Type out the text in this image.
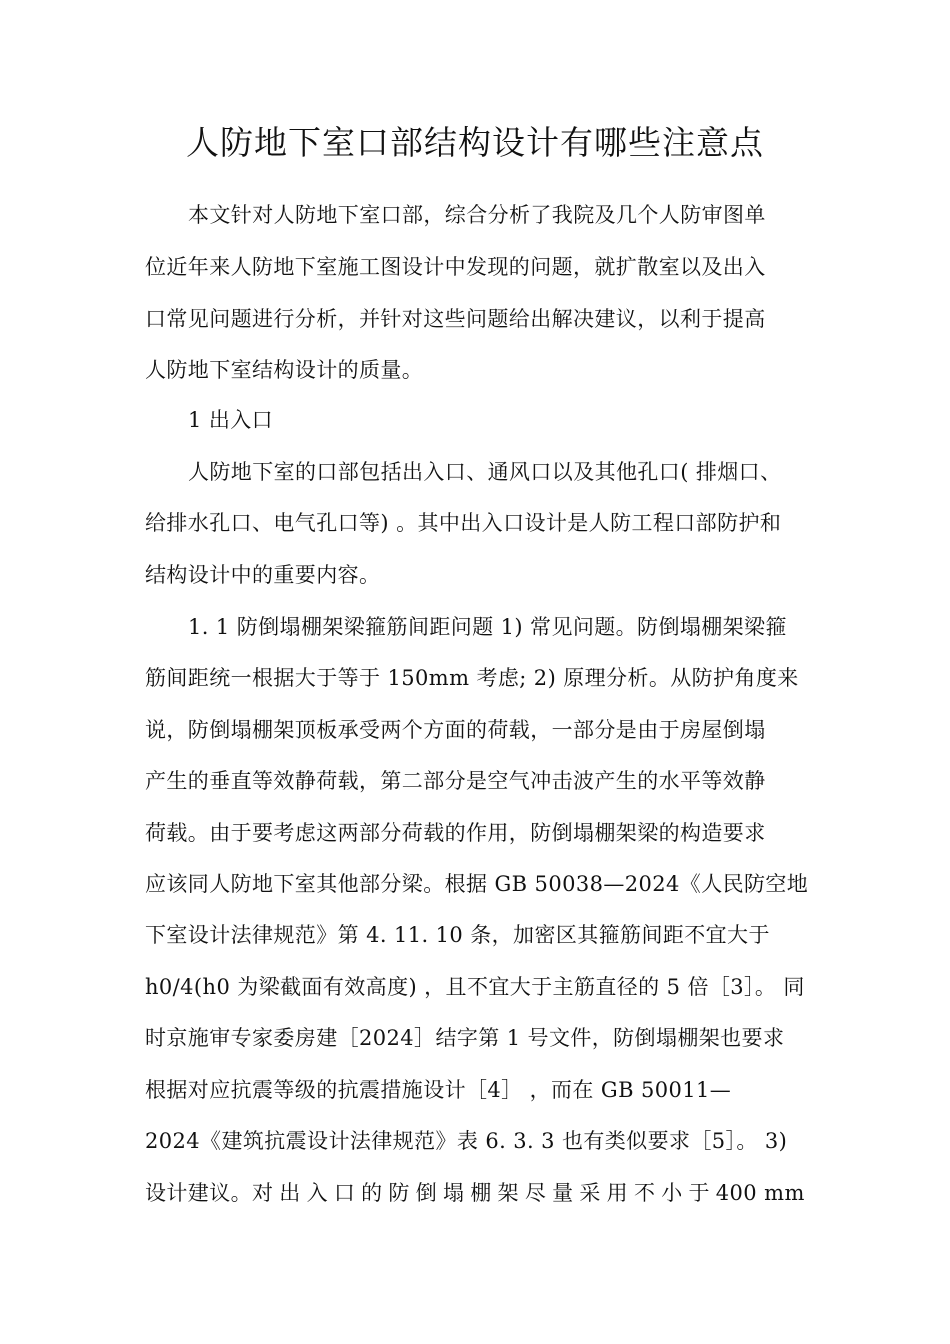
人防地下室口部结构设计有哪些注意点
本文针对人防地下室口部，综合分析了我院及几个人防审图单
位近年来人防地下室施工图设计中发现的问题，就扩散室以及出入
口常见问题进行分析，并针对这些问题给出解决建议，以利于提高
人防地下室结构设计的质量。
1 出入口
人防地下室的口部包括出入口、通风口以及其他孔口( 排烟口、
给排水孔口、电气孔口等) 。其中出入口设计是人防工程口部防护和
结构设计中的重要内容。
1. 1 防倒塌棚架梁箍筋间距问题 1) 常见问题。防倒塌棚架梁箍
筋间距统一根据大于等于 150mm 考虑; 2) 原理分析。从防护角度来
说，防倒塌棚架顶板承受两个方面的荷载，一部分是由于房屋倒塌
产生的垂直等效静荷载，第二部分是空气冲击波产生的水平等效静
荷载。由于要考虑这两部分荷载的作用，防倒塌棚架梁的构造要求
应该同人防地下室其他部分梁。根据 GB 50038—2024《人民防空地
下室设计法律规范》第 4. 11. 10 条，加密区其箍筋间距不宜大于
h0/4(h0 为梁截面有效高度) ，且不宜大于主筋直径的 5 倍［3］。 同
时京施审专家委房建［2024］结字第 1 号文件，防倒塌棚架也要求
根据对应抗震等级的抗震措施设计［4］ ，而在 GB 50011—
2024《建筑抗震设计法律规范》表 6. 3. 3 也有类似要求［5］。 3)
设计建议。对 出 入 口 的 防 倒 塌 棚 架 尽 量 采 用 不 小 于 400 mm
